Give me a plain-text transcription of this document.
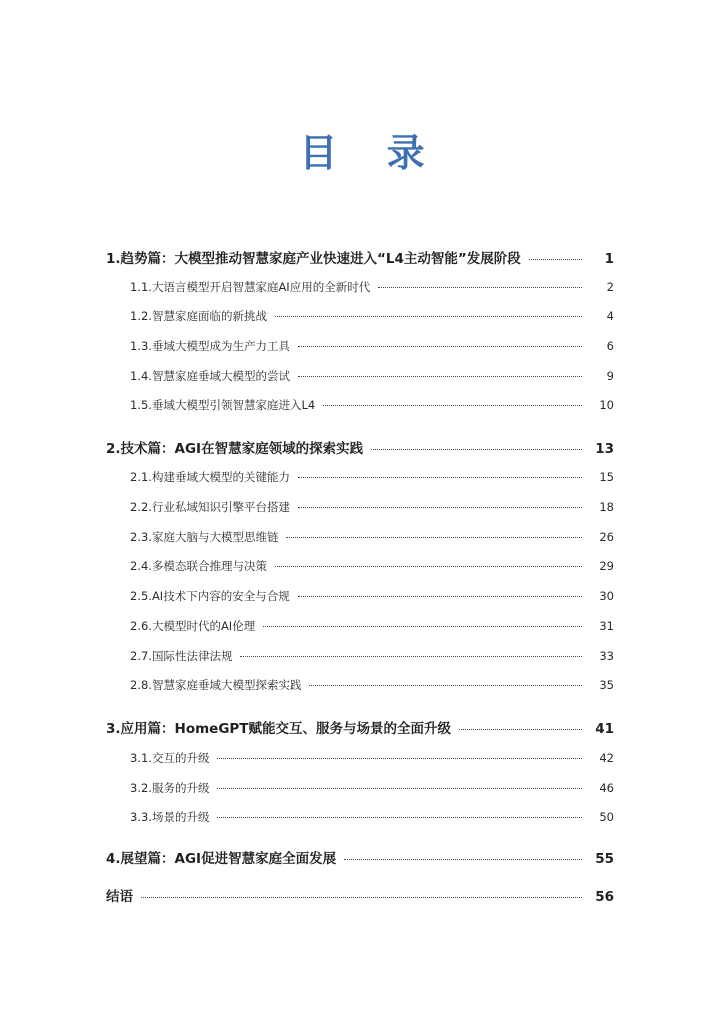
目 录
1.趋势篇：大模型推动智慧家庭产业快速进入“L4主动智能”发展阶段	1
1.1.大语言模型开启智慧家庭AI应用的全新时代	2
1.2.智慧家庭面临的新挑战	4
1.3.垂域大模型成为生产力工具	6
1.4.智慧家庭垂域大模型的尝试	9
1.5.垂域大模型引领智慧家庭进入L4	10
2.技术篇：AGI在智慧家庭领域的探索实践	13
2.1.构建垂域大模型的关键能力	15
2.2.行业私域知识引擎平台搭建	18
2.3.家庭大脑与大模型思维链	26
2.4.多模态联合推理与决策	29
2.5.AI技术下内容的安全与合规	30
2.6.大模型时代的AI伦理	31
2.7.国际性法律法规	33
2.8.智慧家庭垂域大模型探索实践	35
3.应用篇：HomeGPT赋能交互、服务与场景的全面升级	41
3.1.交互的升级	42
3.2.服务的升级	46
3.3.场景的升级	50
4.展望篇：AGI促进智慧家庭全面发展	55
结语	56
